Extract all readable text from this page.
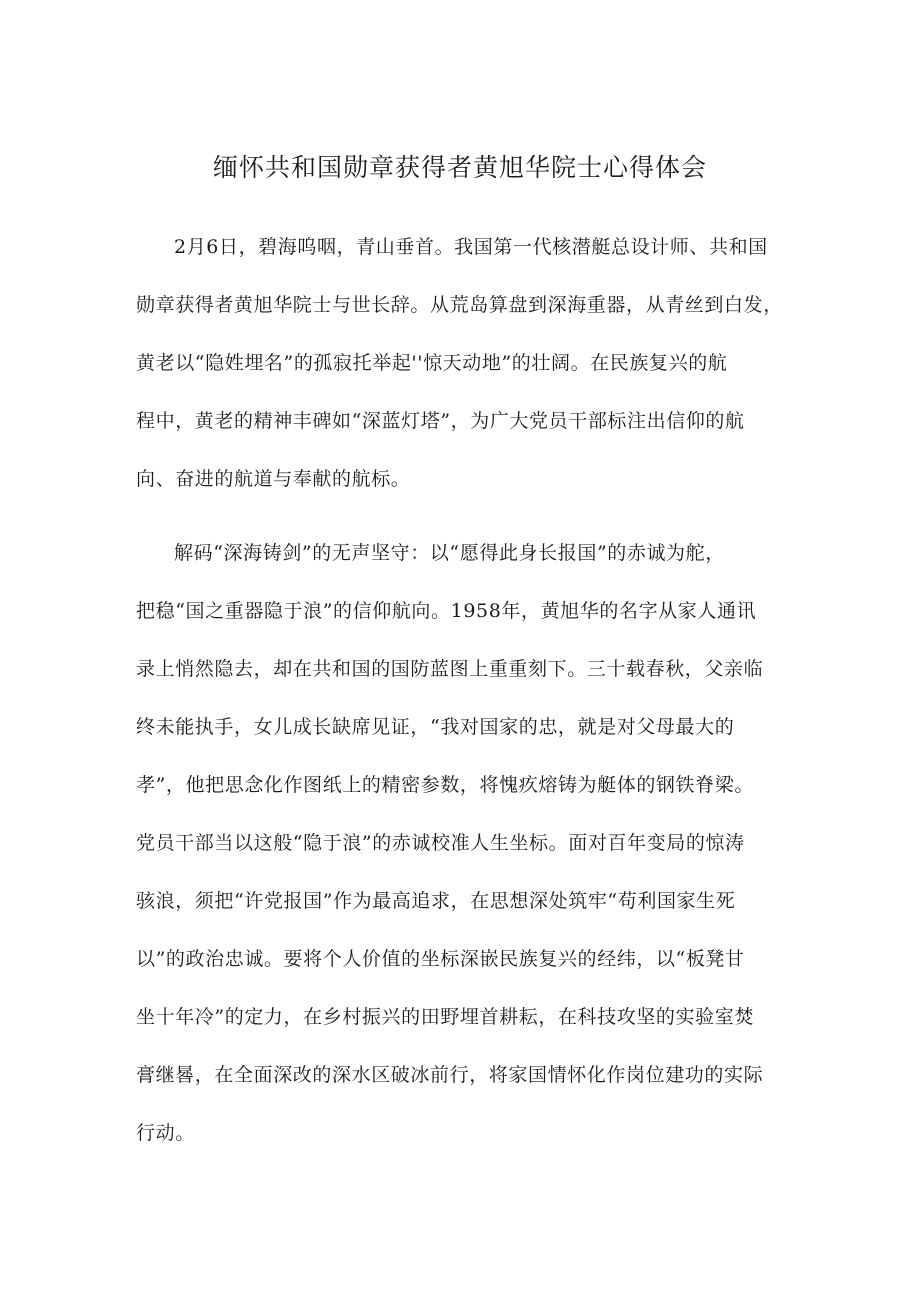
缅怀共和国勋章获得者黄旭华院士心得体会
2月6日，碧海呜咽，青山垂首。我国第一代核潜艇总设计师、共和国
勋章获得者黄旭华院士与世长辞。从荒岛算盘到深海重器，从青丝到白发，
黄老以“隐姓埋名”的孤寂托举起''惊天动地”的壮阔。在民族复兴的航
程中，黄老的精神丰碑如“深蓝灯塔”，为广大党员干部标注出信仰的航
向、奋进的航道与奉献的航标。
解码“深海铸剑”的无声坚守：以“愿得此身长报国”的赤诚为舵，
把稳“国之重器隐于浪”的信仰航向。1958年，黄旭华的名字从家人通讯
录上悄然隐去，却在共和国的国防蓝图上重重刻下。三十载春秋，父亲临
终未能执手，女儿成长缺席见证，“我对国家的忠，就是对父母最大的
孝”，他把思念化作图纸上的精密参数，将愧疚熔铸为艇体的钢铁脊梁。
党员干部当以这般“隐于浪”的赤诚校准人生坐标。面对百年变局的惊涛
骇浪，须把“许党报国”作为最高追求，在思想深处筑牢“苟利国家生死
以”的政治忠诚。要将个人价值的坐标深嵌民族复兴的经纬，以“板凳甘
坐十年冷”的定力，在乡村振兴的田野埋首耕耘，在科技攻坚的实验室焚
膏继晷，在全面深改的深水区破冰前行，将家国情怀化作岗位建功的实际
行动。
